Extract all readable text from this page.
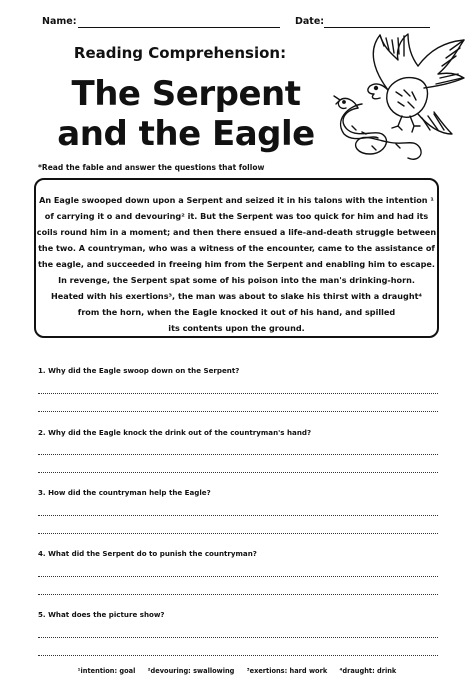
Name:	Date:
Reading Comprehension:
The Serpent
and the Eagle
*Read the fable and answer the questions that follow
An Eagle swooped down upon a Serpent and seized it in his talons with the intention ¹
of carrying it o and devouring² it. But the Serpent was too quick for him and had its
coils round him in a moment; and then there ensued a life-and-death struggle between
the two. A countryman, who was a witness of the encounter, came to the assistance of
the eagle, and succeeded in freeing him from the Serpent and enabling him to escape.
In revenge, the Serpent spat some of his poison into the man's drinking-horn.
Heated with his exertions³, the man was about to slake his thirst with a draught⁴
from the horn, when the Eagle knocked it out of his hand, and spilled
its contents upon the ground.
1. Why did the Eagle swoop down on the Serpent?
2. Why did the Eagle knock the drink out of the countryman's hand?
3. How did the countryman help the Eagle?
4. What did the Serpent do to punish the countryman?
5. What does the picture show?
¹intention: goal ²devouring: swallowing ³exertions: hard work ⁴draught: drink
